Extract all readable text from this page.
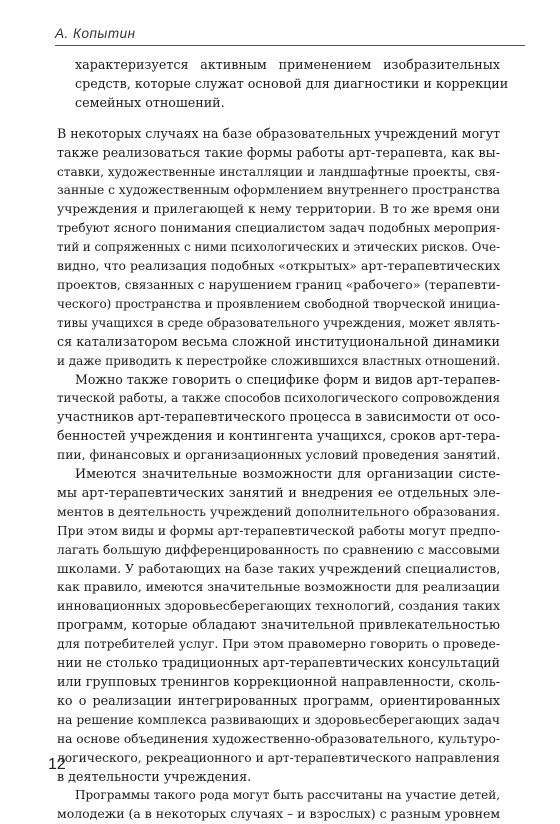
А. Копытин

характеризуется активным применением изобразительных
средств, которые служат основой для диагностики и коррекции
семейных отношений.

В некоторых случаях на базе образовательных учреждений могут
также реализоваться такие формы работы арт-терапевта, как вы-
ставки, художественные инсталляции и ландшафтные проекты, свя-
занные с художественным оформлением внутреннего пространства
учреждения и прилегающей к нему территории. В то же время они
требуют ясного понимания специалистом задач подобных мероприя-
тий и сопряженных с ними психологических и этических рисков. Оче-
видно, что реализация подобных «открытых» арт-терапевтических
проектов, связанных с нарушением границ «рабочего» (терапевти-
ческого) пространства и проявлением свободной творческой инициа-
тивы учащихся в среде образовательного учреждения, может являть-
ся катализатором весьма сложной институциональной динамики
и даже приводить к перестройке сложившихся властных отношений.

Можно также говорить о специфике форм и видов арт-терапев-
тической работы, а также способов психологического сопровождения
участников арт-терапевтического процесса в зависимости от осо-
бенностей учреждения и контингента учащихся, сроков арт-тера-
пии, финансовых и организационных условий проведения занятий.

Имеются значительные возможности для организации систе-
мы арт-терапевтических занятий и внедрения ее отдельных эле-
ментов в деятельность учреждений дополнительного образования.
При этом виды и формы арт-терапевтической работы могут предпо-
лагать большую дифференцированность по сравнению с массовыми
школами. У работающих на базе таких учреждений специалистов,
как правило, имеются значительные возможности для реализации
инновационных здоровьесберегающих технологий, создания таких
программ, которые обладают значительной привлекательностью
для потребителей услуг. При этом правомерно говорить о проведе-
нии не столько традиционных арт-терапевтических консультаций
или групповых тренингов коррекционной направленности, сколь-
ко о реализации интегрированных программ, ориентированных
на решение комплекса развивающих и здоровьесберегающих задач
на основе объединения художественно-образовательного, культуро-
логического, рекреационного и арт-терапевтического направления
в деятельности учреждения.

Программы такого рода могут быть рассчитаны на участие детей,
молодежи (а в некоторых случаях – и взрослых) с разным уровнем

12
